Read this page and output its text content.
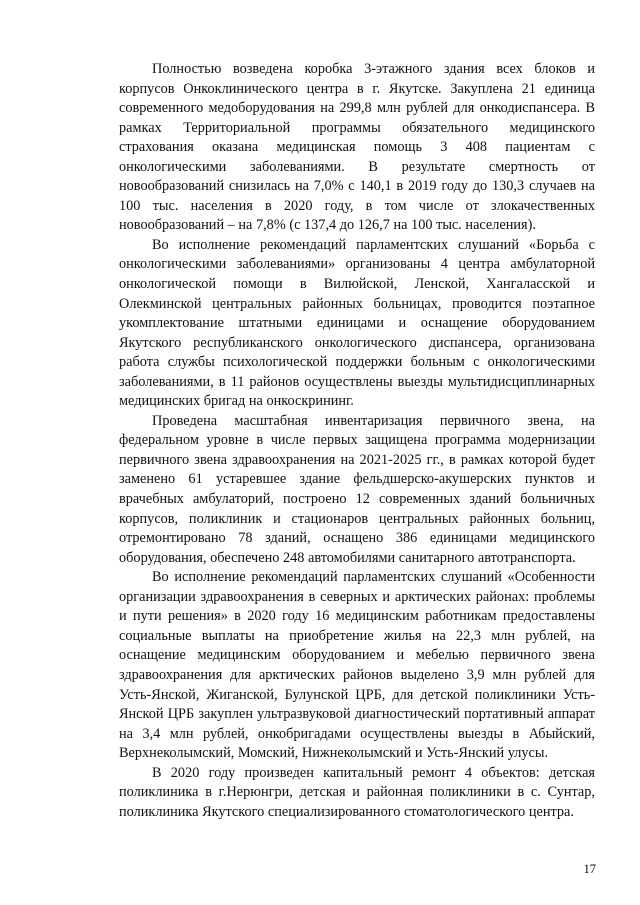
Полностью возведена коробка 3-этажного здания всех блоков и корпусов Онкоклинического центра в г. Якутске. Закуплена 21 единица современного медоборудования на 299,8 млн рублей для онкодиспансера. В рамках Территориальной программы обязательного медицинского страхования оказана медицинская помощь 3 408 пациентам с онкологическими заболеваниями. В результате смертность от новообразований снизилась на 7,0% с 140,1 в 2019 году до 130,3 случаев на 100 тыс. населения в 2020 году, в том числе от злокачественных новообразований – на 7,8% (с 137,4 до 126,7 на 100 тыс. населения).

Во исполнение рекомендаций парламентских слушаний «Борьба с онкологическими заболеваниями» организованы 4 центра амбулаторной онкологической помощи в Вилюйской, Ленской, Хангаласской и Олекминской центральных районных больницах, проводится поэтапное укомплектование штатными единицами и оснащение оборудованием Якутского республиканского онкологического диспансера, организована работа службы психологической поддержки больным с онкологическими заболеваниями, в 11 районов осуществлены выезды мультидисциплинарных медицинских бригад на онкоскрининг.

Проведена масштабная инвентаризация первичного звена, на федеральном уровне в числе первых защищена программа модернизации первичного звена здравоохранения на 2021-2025 гг., в рамках которой будет заменено 61 устаревшее здание фельдшерско-акушерских пунктов и врачебных амбулаторий, построено 12 современных зданий больничных корпусов, поликлиник и стационаров центральных районных больниц, отремонтировано 78 зданий, оснащено 386 единицами медицинского оборудования, обеспечено 248 автомобилями санитарного автотранспорта.

Во исполнение рекомендаций парламентских слушаний «Особенности организации здравоохранения в северных и арктических районах: проблемы и пути решения» в 2020 году 16 медицинским работникам предоставлены социальные выплаты на приобретение жилья на 22,3 млн рублей, на оснащение медицинским оборудованием и мебелью первичного звена здравоохранения для арктических районов выделено 3,9 млн рублей для Усть-Янской, Жиганской, Булунской ЦРБ, для детской поликлиники Усть-Янской ЦРБ закуплен ультразвуковой диагностический портативный аппарат на 3,4 млн рублей, онкобригадами осуществлены выезды в Абыйский, Верхнеколымский, Момский, Нижнеколымский и Усть-Янский улусы.

В 2020 году произведен капитальный ремонт 4 объектов: детская поликлиника в г.Нерюнгри, детская и районная поликлиники в с. Сунтар, поликлиника Якутского специализированного стоматологического центра.

17
